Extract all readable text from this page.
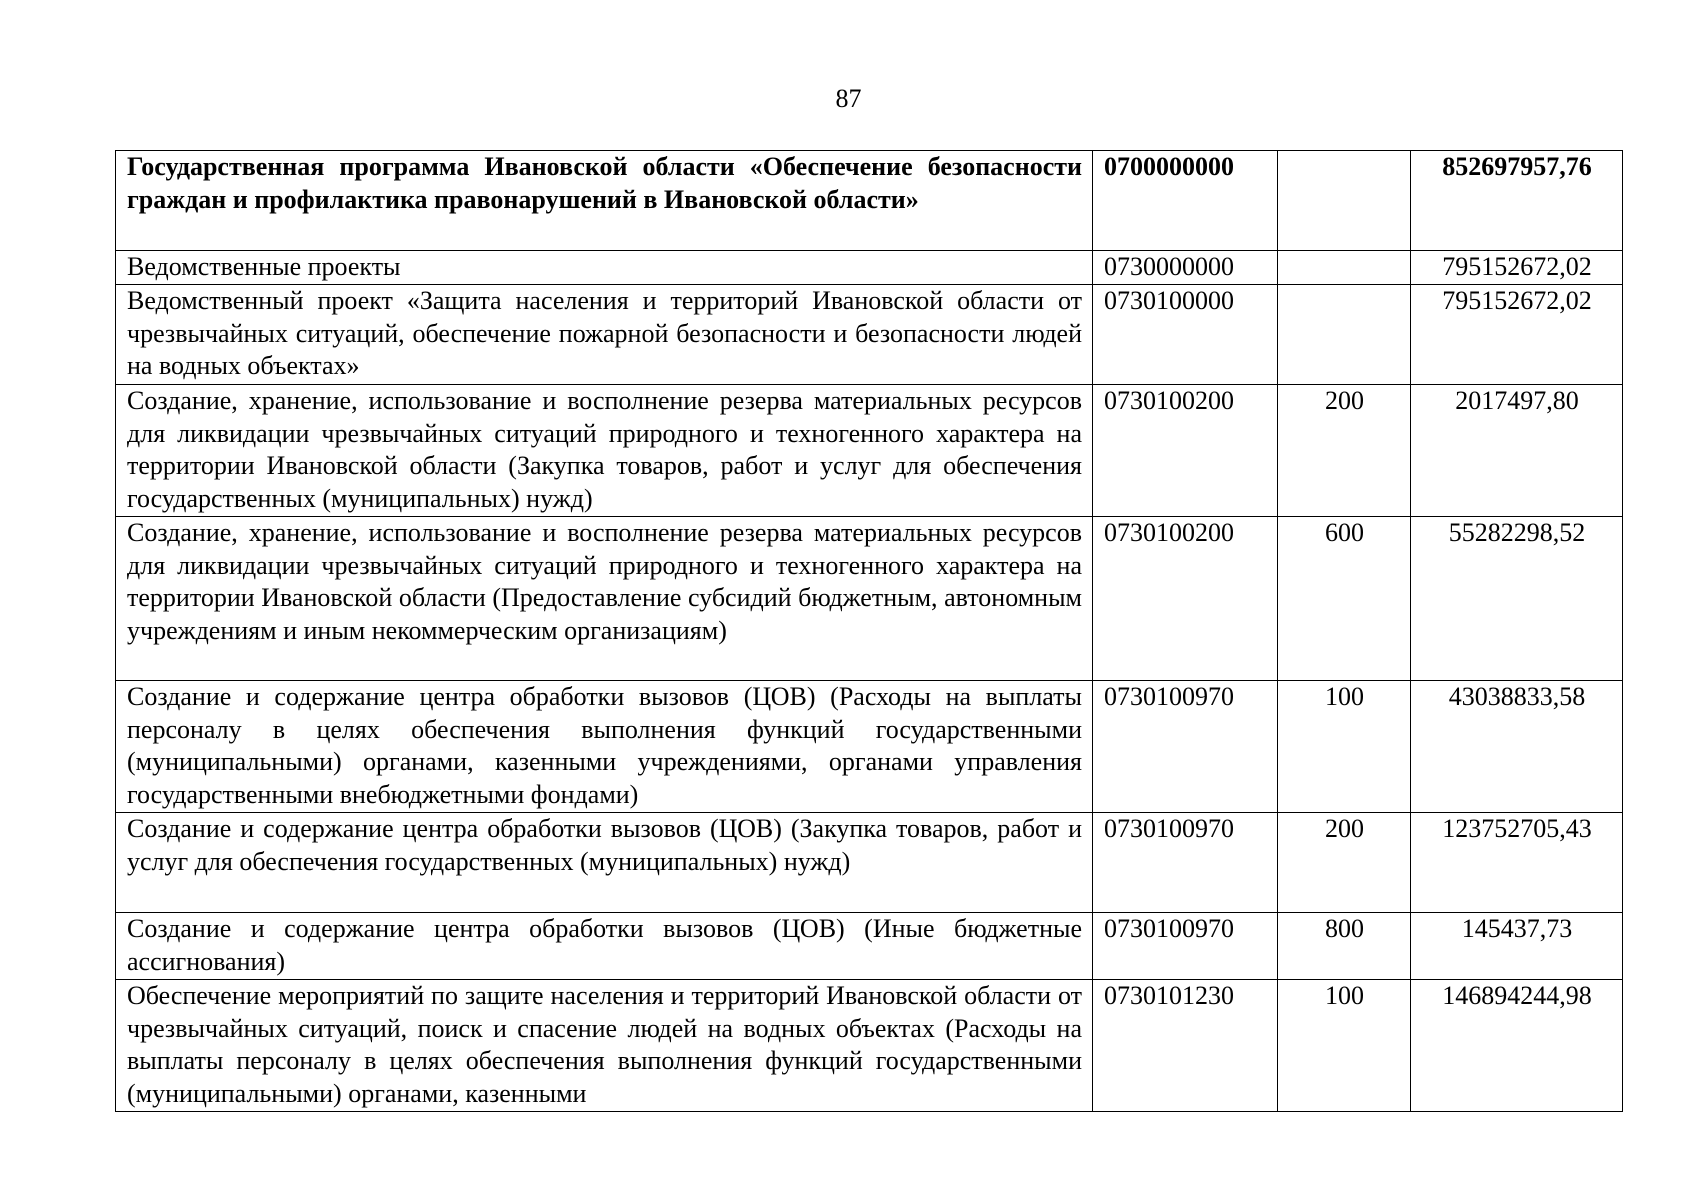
87
Государственная программа Ивановской области «Обеспечение безопасности граждан и профилактика правонарушений в Ивановской области»	0700000000		852697957,76
Ведомственные проекты	0730000000		795152672,02
Ведомственный проект «Защита населения и территорий Ивановской области от чрезвычайных ситуаций, обеспечение пожарной безопасности и безопасности людей на водных объектах»	0730100000		795152672,02
Создание, хранение, использование и восполнение резерва материальных ресурсов для ликвидации чрезвычайных ситуаций природного и техногенного характера на территории Ивановской области (Закупка товаров, работ и услуг для обеспечения государственных (муниципальных) нужд)	0730100200	200	2017497,80
Создание, хранение, использование и восполнение резерва материальных ресурсов для ликвидации чрезвычайных ситуаций природного и техногенного характера на территории Ивановской области (Предоставление субсидий бюджетным, автономным учреждениям и иным некоммерческим организациям)	0730100200	600	55282298,52
Создание и содержание центра обработки вызовов (ЦОВ) (Расходы на выплаты персоналу в целях обеспечения выполнения функций государственными (муниципальными) органами, казенными учреждениями, органами управления государственными внебюджетными фондами)	0730100970	100	43038833,58
Создание и содержание центра обработки вызовов (ЦОВ) (Закупка товаров, работ и услуг для обеспечения государственных (муниципальных) нужд)	0730100970	200	123752705,43
Создание и содержание центра обработки вызовов (ЦОВ) (Иные бюджетные ассигнования)	0730100970	800	145437,73
Обеспечение мероприятий по защите населения и территорий Ивановской области от чрезвычайных ситуаций, поиск и спасение людей на водных объектах (Расходы на выплаты персоналу в целях обеспечения выполнения функций государственными (муниципальными) органами, казенными	0730101230	100	146894244,98
